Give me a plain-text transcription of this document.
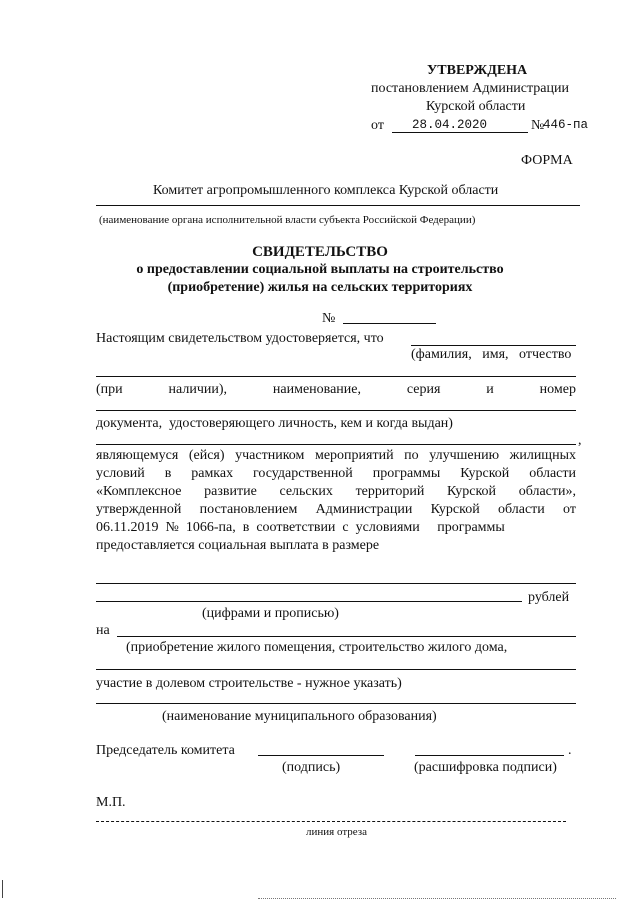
УТВЕРЖДЕНА
постановлением Администрации
Курской области
от 28.04.2020	№
446-па
ФОРМА
Комитет агропромышленного комплекса Курской области
(наименование органа исполнительной власти субъекта Российской Федерации)
СВИДЕТЕЛЬСТВО
о предоставлении социальной выплаты на строительство
(приобретение) жилья на сельских территориях
№
Настоящим свидетельством удостоверяется, что
(фамилия,   имя,   отчество
(при	наличии),	наименование,	серия	и	номер
документа,  удостоверяющего личность, кем и когда выдан)
,
являющемуся (ейся) участником мероприятий по улучшению жилищных
условий в рамках государственной программы Курской области
«Комплексное развитие сельских территорий Курской области»,
утвержденной постановлением Администрации Курской области от
06.11.2019  №  1066-па,  в  соответствии  с  условиями     программы
предоставляется социальная выплата в размере
рублей
(цифрами и прописью)
на
(приобретение жилого помещения, строительство жилого дома,
участие в долевом строительстве - нужное указать)
(наименование муниципального образования)
Председатель комитета	.
(подпись)	(расшифровка подписи)
М.П.
линия отреза
